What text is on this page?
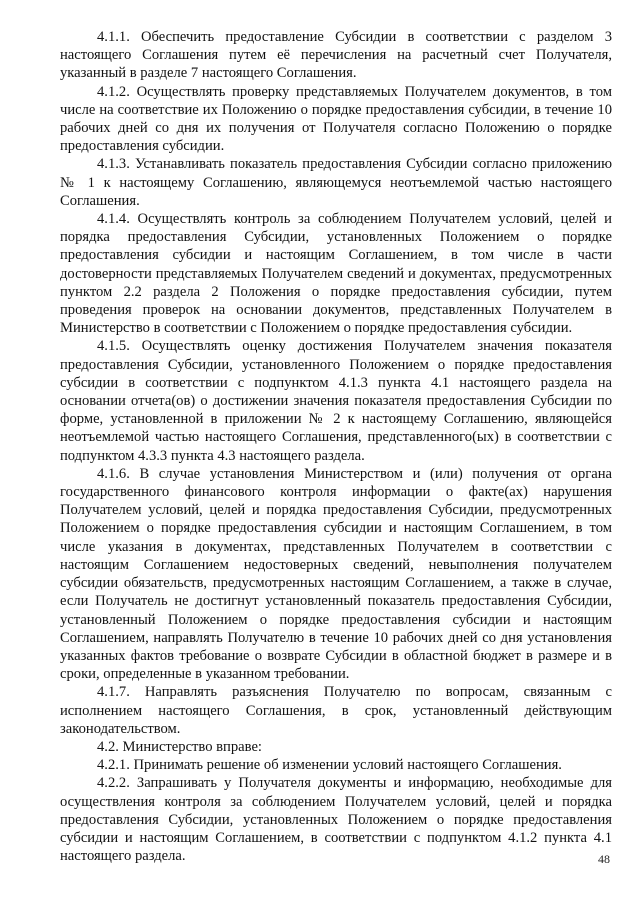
4.1.1. Обеспечить предоставление Субсидии в соответствии с разделом 3 настоящего Соглашения путем её перечисления на расчетный счет Получателя, указанный в разделе 7 настоящего Соглашения.

4.1.2. Осуществлять проверку представляемых Получателем документов, в том числе на соответствие их Положению о порядке предоставления субсидии, в течение 10 рабочих дней со дня их получения от Получателя согласно Положению о порядке предоставления субсидии.

4.1.3. Устанавливать показатель предоставления Субсидии согласно приложению № 1 к настоящему Соглашению, являющемуся неотъемлемой частью настоящего Соглашения.

4.1.4. Осуществлять контроль за соблюдением Получателем условий, целей и порядка предоставления Субсидии, установленных Положением о порядке предоставления субсидии и настоящим Соглашением, в том числе в части достоверности представляемых Получателем сведений и документах, предусмотренных пунктом 2.2 раздела 2 Положения о порядке предоставления субсидии, путем проведения проверок на основании документов, представленных Получателем в Министерство в соответствии с Положением о порядке предоставления субсидии.

4.1.5. Осуществлять оценку достижения Получателем значения показателя предоставления Субсидии, установленного Положением о порядке предоставления субсидии в соответствии с подпунктом 4.1.3 пункта 4.1 настоящего раздела на основании отчета(ов) о достижении значения показателя предоставления Субсидии по форме, установленной в приложении № 2 к настоящему Соглашению, являющейся неотъемлемой частью настоящего Соглашения, представленного(ых) в соответствии с подпунктом 4.3.3 пункта 4.3 настоящего раздела.

4.1.6. В случае установления Министерством и (или) получения от органа государственного финансового контроля информации о факте(ах) нарушения Получателем условий, целей и порядка предоставления Субсидии, предусмотренных Положением о порядке предоставления субсидии и настоящим Соглашением, в том числе указания в документах, представленных Получателем в соответствии с настоящим Соглашением недостоверных сведений, невыполнения получателем субсидии обязательств, предусмотренных настоящим Соглашением, а также в случае, если Получатель не достигнут установленный показатель предоставления Субсидии, установленный Положением о порядке предоставления субсидии и настоящим Соглашением, направлять Получателю в течение 10 рабочих дней со дня установления указанных фактов требование о возврате Субсидии в областной бюджет в размере и в сроки, определенные в указанном требовании.

4.1.7. Направлять разъяснения Получателю по вопросам, связанным с исполнением настоящего Соглашения, в срок, установленный действующим законодательством.

4.2. Министерство вправе:

4.2.1. Принимать решение об изменении условий настоящего Соглашения.

4.2.2. Запрашивать у Получателя документы и информацию, необходимые для осуществления контроля за соблюдением Получателем условий, целей и порядка предоставления Субсидии, установленных Положением о порядке предоставления субсидии и настоящим Соглашением, в соответствии с подпунктом 4.1.2 пункта 4.1 настоящего раздела.	48
